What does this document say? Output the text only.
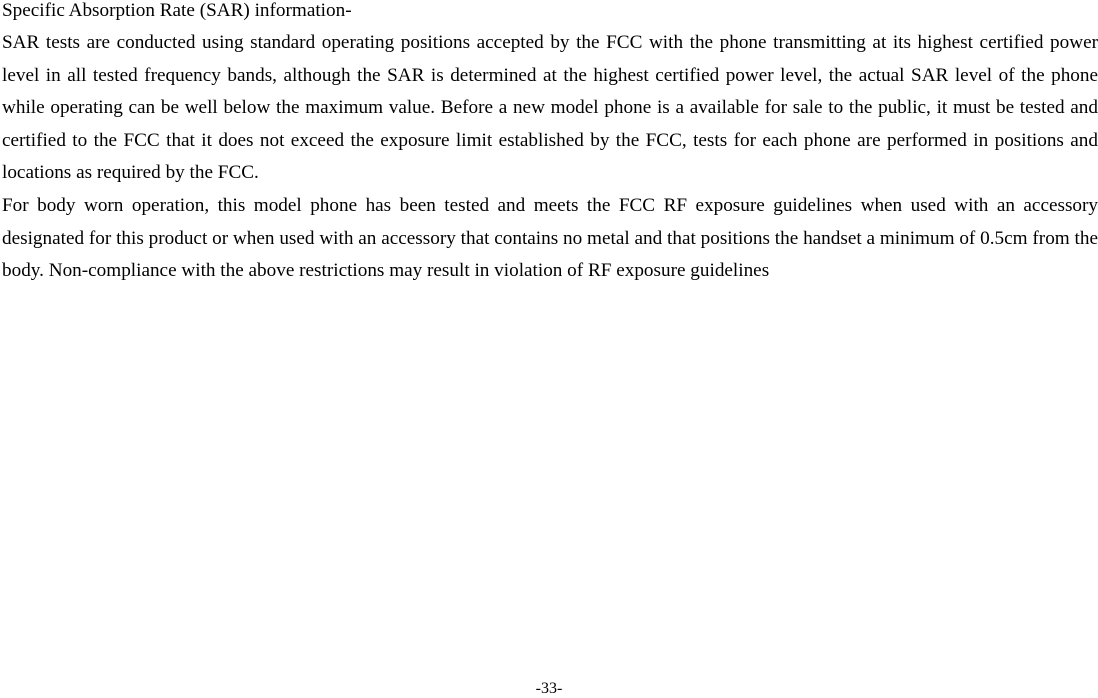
Specific Absorption Rate (SAR) information-

SAR tests are conducted using standard operating positions accepted by the FCC with the phone transmitting at its highest certified power level in all tested frequency bands, although the SAR is determined at the highest certified power level, the actual SAR level of the phone while operating can be well below the maximum value. Before a new model phone is a available for sale to the public, it must be tested and certified to the FCC that it does not exceed the exposure limit established by the FCC, tests for each phone are performed in positions and locations as required by the FCC.

For body worn operation, this model phone has been tested and meets the FCC RF exposure guidelines when used with an accessory designated for this product or when used with an accessory that contains no metal and that positions the handset a minimum of 0.5cm from the body. Non-compliance with the above restrictions may result in violation of RF exposure guidelines

-33-
